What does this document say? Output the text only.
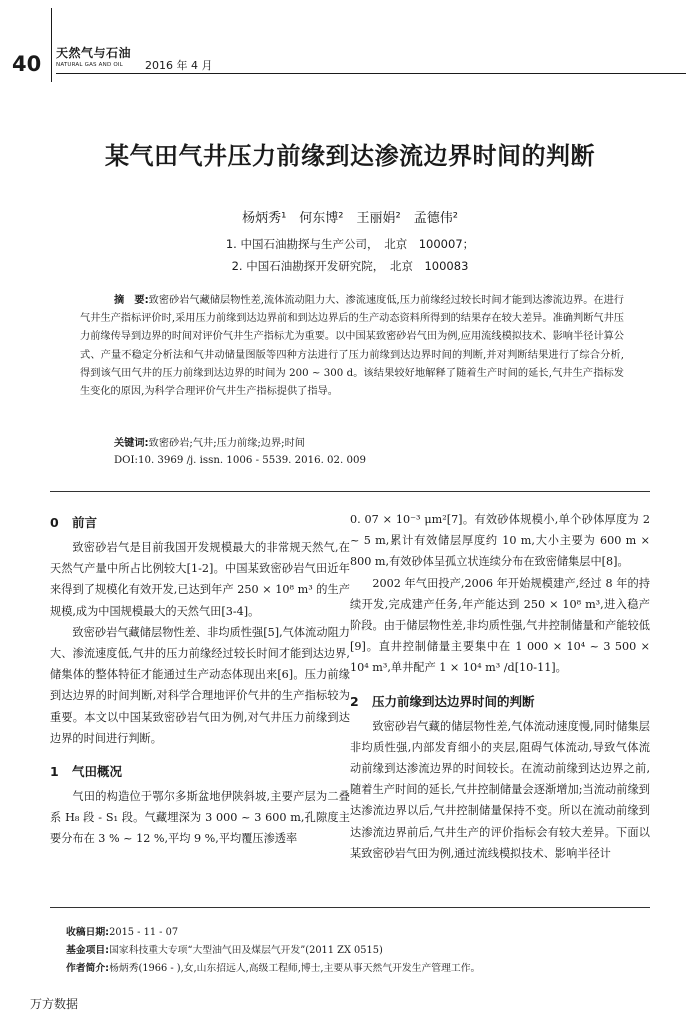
40 天然气与石油
NATURAL GAS AND OIL	2016 年 4 月
某气田气井压力前缘到达渗流边界时间的判断
杨炳秀¹　何东博²　王丽娟²　孟德伟²
1. 中国石油勘探与生产公司，　北京　100007；
2. 中国石油勘探开发研究院，　北京　100083
摘　要:致密砂岩气藏储层物性差,流体流动阻力大、渗流速度低,压力前缘经过较长时间才能到达渗流边界。在进行气井生产指标评价时,采用压力前缘到达边界前和到达边界后的生产动态资料所得到的结果存在较大差异。准确判断气井压力前缘传导到边界的时间对评价气井生产指标尤为重要。以中国某致密砂岩气田为例,应用流线模拟技术、影响半径计算公式、产量不稳定分析法和气井动储量图版等四种方法进行了压力前缘到达边界时间的判断,并对判断结果进行了综合分析,得到该气田气井的压力前缘到达边界的时间为 200 ~ 300 d。该结果较好地解释了随着生产时间的延长,气井生产指标发生变化的原因,为科学合理评价气井生产指标提供了指导。
关键词:致密砂岩;气井;压力前缘;边界;时间
DOI:10. 3969 /j. issn. 1006 - 5539. 2016. 02. 009
0 前言

致密砂岩气是目前我国开发规模最大的非常规天然气,在天然气产量中所占比例较大[1-2]。中国某致密砂岩气田近年来得到了规模化有效开发,已达到年产 250 × 10⁸ m³ 的生产规模,成为中国规模最大的天然气田[3-4]。

致密砂岩气藏储层物性差、非均质性强[5],气体流动阻力大、渗流速度低,气井的压力前缘经过较长时间才能到达边界,储集体的整体特征才能通过生产动态体现出来[6]。压力前缘到达边界的时间判断,对科学合理地评价气井的生产指标较为重要。本文以中国某致密砂岩气田为例,对气井压力前缘到达边界的时间进行判断。

1 气田概况

气田的构造位于鄂尔多斯盆地伊陕斜坡,主要产层为二叠系 H₈ 段 - S₁ 段。气藏埋深为 3 000 ~ 3 600 m,孔隙度主要分布在 3 % ~ 12 %,平均 9 %,平均覆压渗透率

0. 07 × 10⁻³ μm²[7]。有效砂体规模小,单个砂体厚度为 2 ~ 5 m,累计有效储层厚度约 10 m,大小主要为 600 m × 800 m,有效砂体呈孤立状连续分布在致密储集层中[8]。

2002 年气田投产,2006 年开始规模建产,经过 8 年的持续开发,完成建产任务,年产能达到 250 × 10⁸ m³,进入稳产阶段。由于储层物性差,非均质性强,气井控制储量和产能较低[9]。直井控制储量主要集中在 1 000 × 10⁴ ~ 3 500 × 10⁴ m³,单井配产 1 × 10⁴ m³ /d[10-11]。

2 压力前缘到达边界时间的判断

致密砂岩气藏的储层物性差,气体流动速度慢,同时储集层非均质性强,内部发育细小的夹层,阻碍气体流动,导致气体流动前缘到达渗流边界的时间较长。在流动前缘到达边界之前,随着生产时间的延长,气井控制储量会逐渐增加;当流动前缘到达渗流边界以后,气井控制储量保持不变。所以在流动前缘到达渗流边界前后,气井生产的评价指标会有较大差异。下面以某致密砂岩气田为例,通过流线模拟技术、影响半径计

收稿日期:2015 - 11 - 07
基金项目:国家科技重大专项“大型油气田及煤层气开发”(2011 ZX 0515)
作者简介:杨炳秀(1966 - ),女,山东招远人,高级工程师,博士,主要从事天然气开发生产管理工作。
万方数据
